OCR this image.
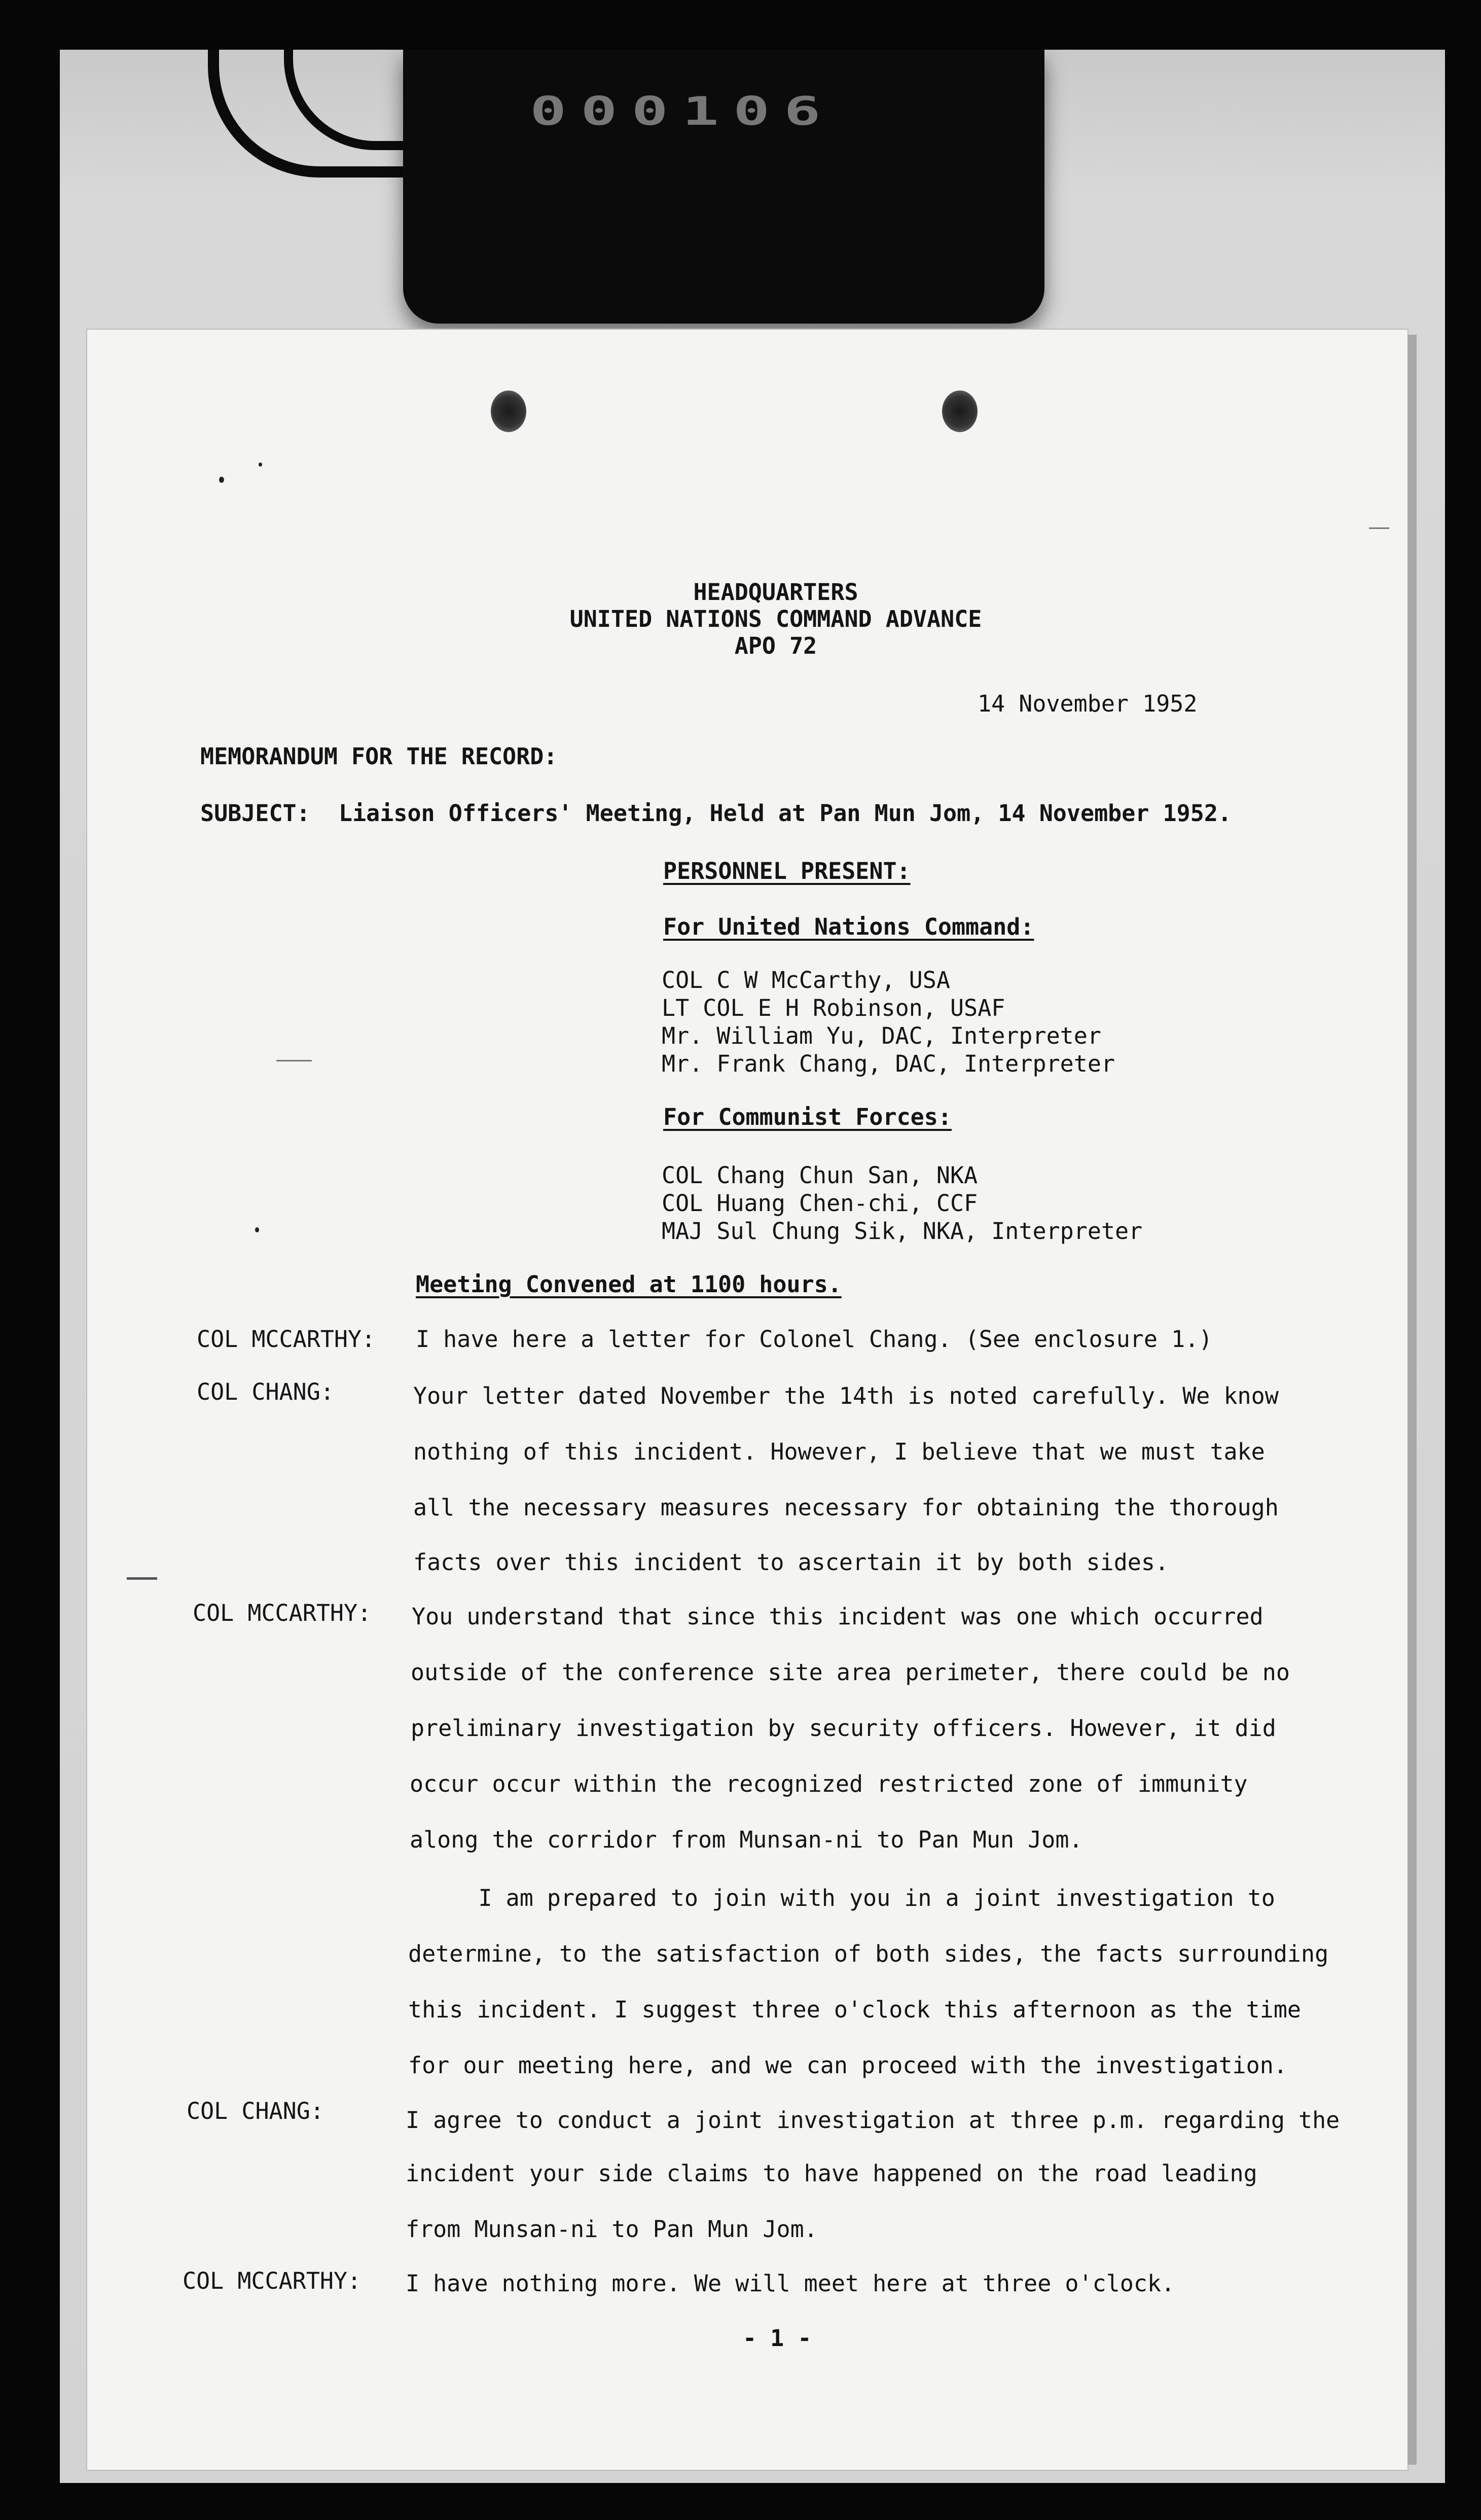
000106
HEADQUARTERS
UNITED NATIONS COMMAND ADVANCE
APO 72
14 November 1952
MEMORANDUM FOR THE RECORD:
SUBJECT: Liaison Officers' Meeting, Held at Pan Mun Jom, 14 November 1952.
PERSONNEL PRESENT:
For United Nations Command:
COL C W McCarthy, USA
LT COL E H Robinson, USAF
Mr. William Yu, DAC, Interpreter
Mr. Frank Chang, DAC, Interpreter
For Communist Forces:
COL Chang Chun San, NKA
COL Huang Chen-chi, CCF
MAJ Sul Chung Sik, NKA, Interpreter
Meeting Convened at 1100 hours.
COL MCCARTHY: I have here a letter for Colonel Chang. (See enclosure 1.)
COL CHANG:	Your letter dated November the 14th is noted carefully. We know
nothing of this incident. However, I believe that we must take
all the necessary measures necessary for obtaining the thorough
facts over this incident to ascertain it by both sides.
COL MCCARTHY: You understand that since this incident was one which occurred
outside of the conference site area perimeter, there could be no
preliminary investigation by security officers. However, it did
occur occur within the recognized restricted zone of immunity
along the corridor from Munsan-ni to Pan Mun Jom.
I am prepared to join with you in a joint investigation to
determine, to the satisfaction of both sides, the facts surrounding
this incident. I suggest three o'clock this afternoon as the time
for our meeting here, and we can proceed with the investigation.
COL CHANG:	I agree to conduct a joint investigation at three p.m. regarding the
incident your side claims to have happened on the road leading
from Munsan-ni to Pan Mun Jom.
COL MCCARTHY: I have nothing more. We will meet here at three o'clock.
- 1 -
